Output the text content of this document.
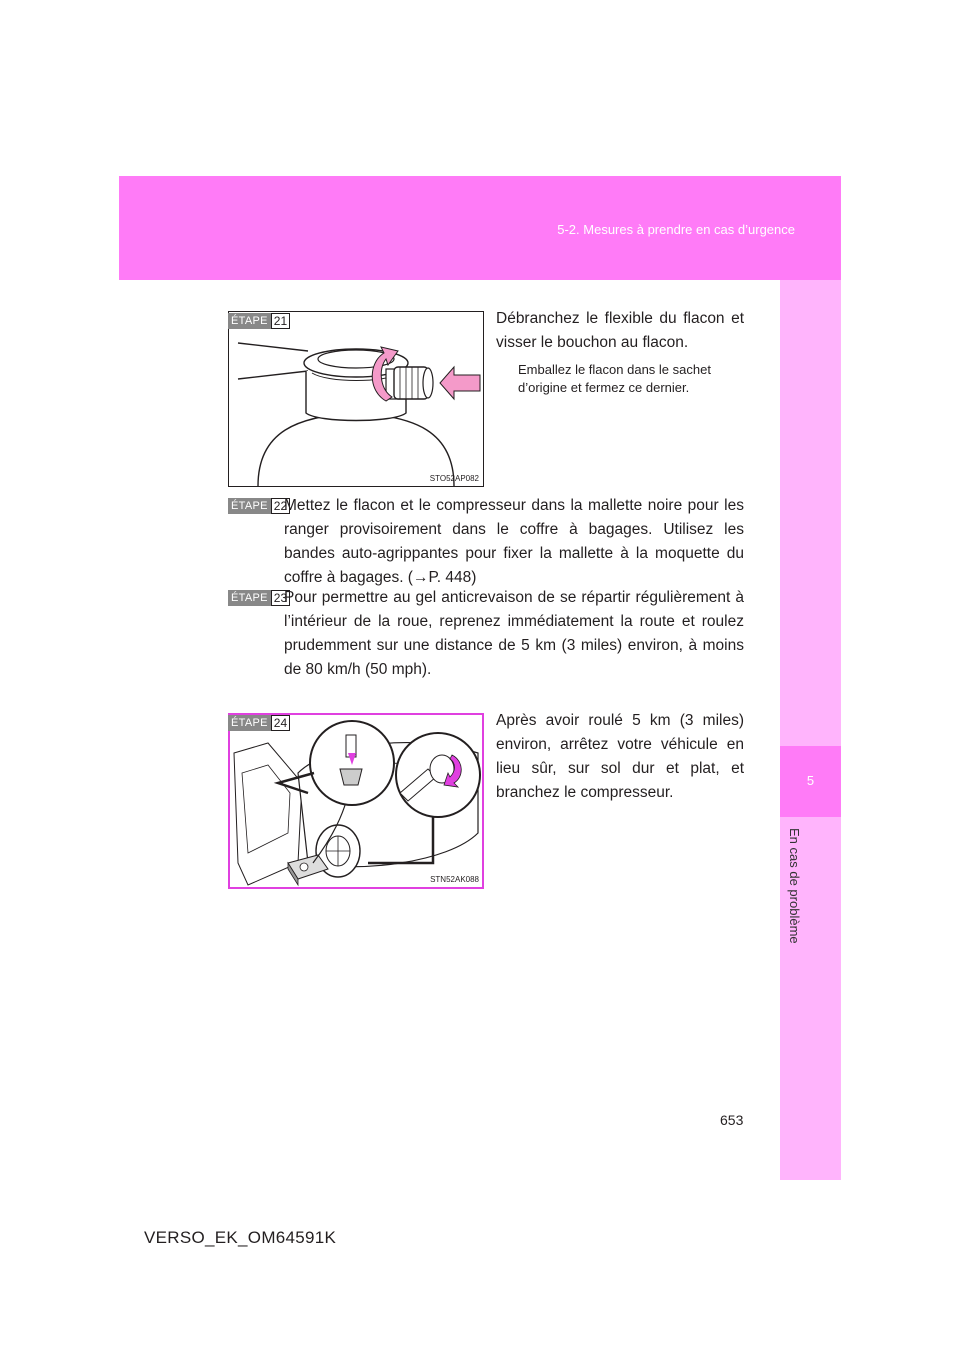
5-2. Mesures à prendre en cas d’urgence
5
En cas de problème
ÉTAPE 21
STO52AP082
Débranchez le flexible du flacon et visser le bouchon au flacon.
Emballez le flacon dans le sachet d’origine et fermez ce dernier.
ÉTAPE 22
Mettez le flacon et le compresseur dans la mallette noire pour les ranger provisoirement dans le coffre à bagages. Utilisez les bandes auto-agrippantes pour fixer la mallette à la moquette du coffre à bagages. (→P. 448)
ÉTAPE 23
Pour permettre au gel anticrevaison de se répartir régulièrement à l’intérieur de la roue, reprenez immédiatement la route et roulez prudemment sur une distance de 5 km (3 miles) environ, à moins de 80 km/h (50 mph).
ÉTAPE 24
STN52AK088
Après avoir roulé 5 km (3 miles) environ, arrêtez votre véhicule en lieu sûr, sur sol dur et plat, et branchez le compresseur.
653
VERSO_EK_OM64591K
